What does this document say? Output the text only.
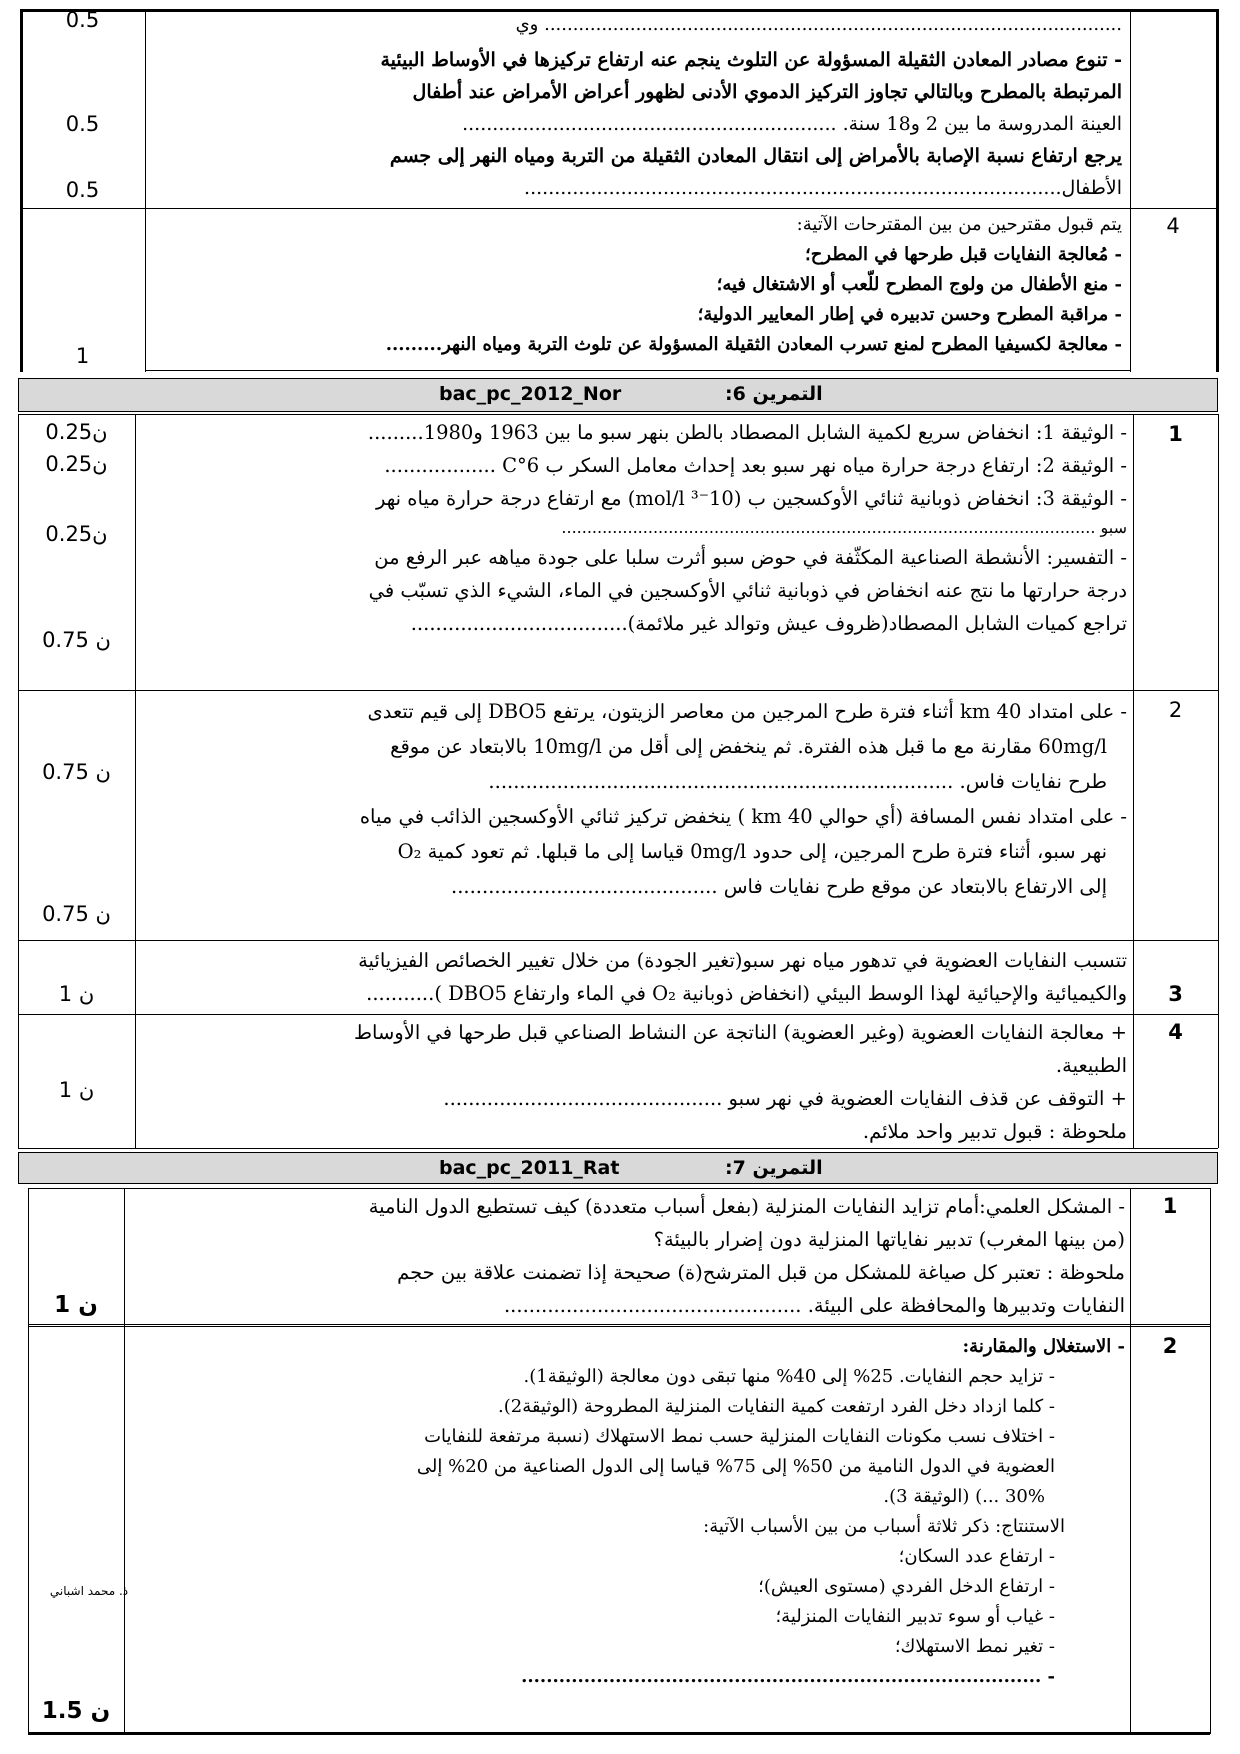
..................................................................................................... وي

- تنوع مصادر المعادن الثقيلة المسؤولة عن التلوث ينجم عنه ارتفاع تركيزها في الأوساط البيئية

المرتبطة بالمطرح وبالتالي تجاوز التركيز الدموي الأدنى لظهور أعراض الأمراض عند أطفال

العينة المدروسة ما بين 2 و18 سنة. ..............................................................

يرجع ارتفاع نسبة الإصابة بالأمراض إلى انتقال المعادن الثقيلة من التربة ومياه النهر إلى جسم

الأطفال.........................................................................................

0.5
0.5
0.5
4

يتم قبول مقترحين من بين المقترحات الآتية:

- مُعالجة النفايات قبل طرحها في المطرح؛

- منع الأطفال من ولوج المطرح للّعب أو الاشتغال فيه؛

- مراقبة المطرح وحسن تدبيره في إطار المعايير الدولية؛

- معالجة لكسيفيا المطرح لمنع تسرب المعادن الثقيلة المسؤولة عن تلوث التربة ومياه النهر.........

1
bac_pc_2012_Nor	التمرين 6:
1

- الوثيقة 1: انخفاض سريع لكمية الشابل المصطاد بالطن بنهر سبو ما بين 1963 و1980.........

- الوثيقة 2: ارتفاع درجة حرارة مياه نهر سبو بعد إحداث معامل السكر ب 6°C ..................

- الوثيقة 3: انخفاض ذوبانية ثنائي الأوكسجين ب (10⁻³ mol/l) مع ارتفاع درجة حرارة مياه نهر

سبو .........................................................................................................

- التفسير: الأنشطة الصناعية المكثّفة في حوض سبو أثرت سلبا على جودة مياهه عبر الرفع من

درجة حرارتها ما نتج عنه انخفاض في ذوبانية ثنائي الأوكسجين في الماء، الشيء الذي تسبّب في

تراجع كميات الشابل المصطاد(ظروف عيش وتوالد غير ملائمة)...................................

0.25ن
0.25ن
0.25ن
0.75 ن
2

- على امتداد 40 km أثناء فترة طرح المرجين من معاصر الزيتون، يرتفع DBO5 إلى قيم تتعدى

60mg/l مقارنة مع ما قبل هذه الفترة. ثم ينخفض إلى أقل من 10mg/l بالابتعاد عن موقع

طرح نفايات فاس. ...........................................................................

- على امتداد نفس المسافة (أي حوالي 40 km ) ينخفض تركيز ثنائي الأوكسجين الذائب في مياه

نهر سبو، أثناء فترة طرح المرجين، إلى حدود 0mg/l قياسا إلى ما قبلها. ثم تعود كمية O₂

إلى الارتفاع بالابتعاد عن موقع طرح نفايات فاس ...........................................

0.75 ن
0.75 ن
3

تتسبب النفايات العضوية في تدهور مياه نهر سبو(تغير الجودة) من خلال تغيير الخصائص الفيزيائية

والكيميائية والإحيائية لهذا الوسط البيئي (انخفاض ذوبانية O₂ في الماء وارتفاع DBO5 )...........

1 ن
4

+ معالجة النفايات العضوية (وغير العضوية) الناتجة عن النشاط الصناعي قبل طرحها في الأوساط

الطبيعية.

+ التوقف عن قذف النفايات العضوية في نهر سبو .............................................

ملحوظة : قبول تدبير واحد ملائم.

1 ن
bac_pc_2011_Rat	التمرين 7:
1

- المشكل العلمي:أمام تزايد النفايات المنزلية (بفعل أسباب متعددة) كيف تستطيع الدول النامية

(من بينها المغرب) تدبير نفاياتها المنزلية دون إضرار بالبيئة؟

ملحوظة : تعتبر كل صياغة للمشكل من قبل المترشح(ة) صحيحة إذا تضمنت علاقة بين حجم

النفايات وتدبيرها والمحافظة على البيئة. ................................................

1 ن
2

- الاستغلال والمقارنة:

- تزايد حجم النفايات. 25% إلى 40% منها تبقى دون معالجة (الوثيقة1).

- كلما ازداد دخل الفرد ارتفعت كمية النفايات المنزلية المطروحة (الوثيقة2).

- اختلاف نسب مكونات النفايات المنزلية حسب نمط الاستهلاك (نسبة مرتفعة للنفايات

العضوية في الدول النامية من 50% إلى 75% قياسا إلى الدول الصناعية من 20% إلى

30% ...) (الوثيقة 3).

الاستنتاج: ذكر ثلاثة أسباب من بين الأسباب الآتية:

- ارتفاع عدد السكان؛

- ارتفاع الدخل الفردي (مستوى العيش)؛

- غياب أو سوء تدبير النفايات المنزلية؛

- تغير نمط الاستهلاك؛

- ...................................................................................

1.5 ن
ذ. محمد اشباني
